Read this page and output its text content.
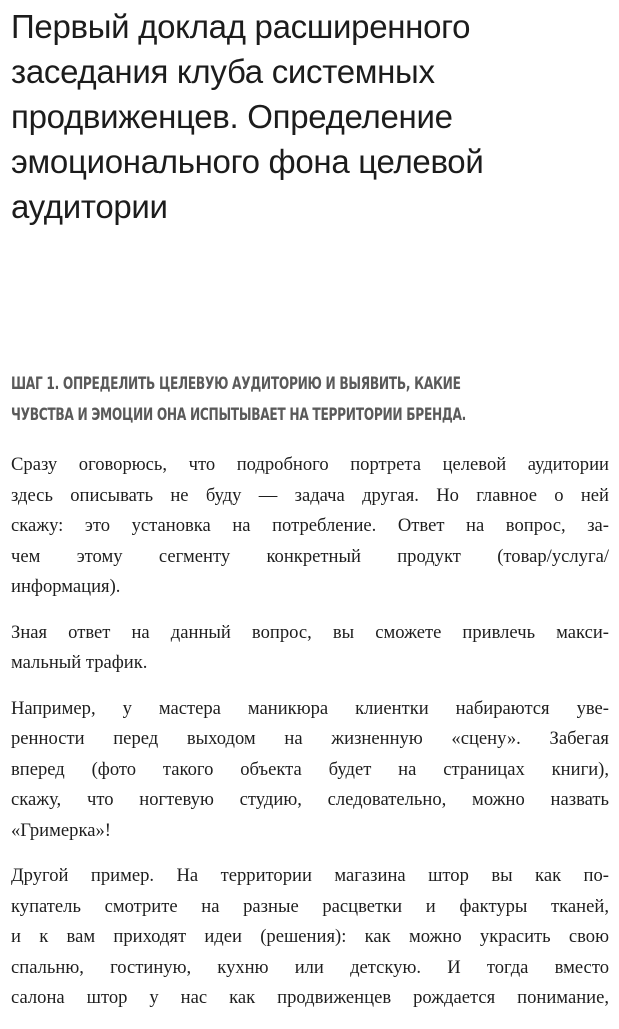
Первый доклад расширенного
заседания клуба системных
продвиженцев. Определение
эмоционального фона целевой
аудитории
ШАГ 1. ОПРЕДЕЛИТЬ ЦЕЛЕВУЮ АУДИТОРИЮ И ВЫЯВИТЬ, КАКИЕ
ЧУВСТВА И ЭМОЦИИ ОНА ИСПЫТЫВАЕТ НА ТЕРРИТОРИИ БРЕНДА.
Сразу оговорюсь, что подробного портрета целевой аудитории
здесь описывать не буду — задача другая. Но главное о ней
скажу: это установка на потребление. Ответ на вопрос, за-
чем этому сегменту конкретный продукт (товар/услуга/
информация).
Зная ответ на данный вопрос, вы сможете привлечь макси-
мальный трафик.
Например, у мастера маникюра клиентки набираются уве-
ренности перед выходом на жизненную «сцену». Забегая
вперед (фото такого объекта будет на страницах книги),
скажу, что ногтевую студию, следовательно, можно назвать
«Гримерка»!
Другой пример. На территории магазина штор вы как по-
купатель смотрите на разные расцветки и фактуры тканей,
и к вам приходят идеи (решения): как можно украсить свою
спальню, гостиную, кухню или детскую. И тогда вместо
салона штор у нас как продвиженцев рождается понимание,
